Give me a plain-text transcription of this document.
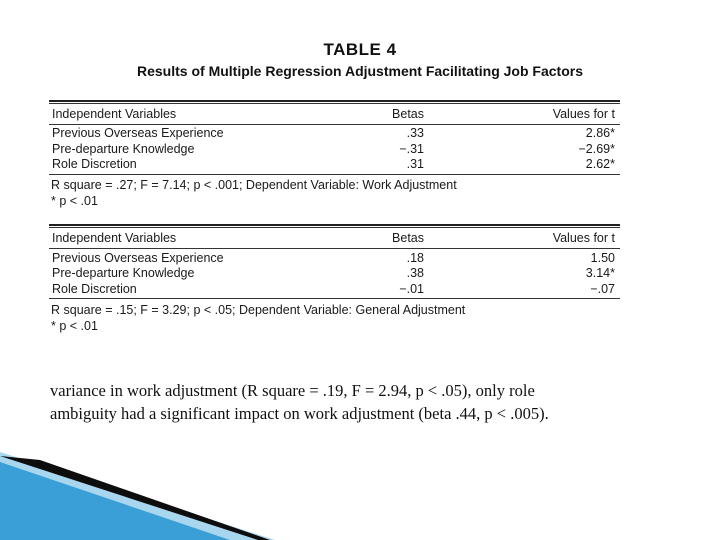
TABLE 4
Results of Multiple Regression Adjustment Facilitating Job Factors
Independent Variables	Betas	Values for t
Previous Overseas Experience	.33	2.86*
Pre-departure Knowledge	−.31	−2.69*
Role Discretion	.31	2.62*
R square = .27; F = 7.14; p < .001; Dependent Variable: Work Adjustment
* p < .01
Independent Variables	Betas	Values for t
Previous Overseas Experience	.18	1.50
Pre-departure Knowledge	.38	3.14*
Role Discretion	−.01	−.07
R square = .15; F = 3.29; p < .05; Dependent Variable: General Adjustment
* p < .01
variance in work adjustment (R square = .19, F = 2.94, p < .05), only role
ambiguity had a significant impact on work adjustment (beta .44, p < .005).
